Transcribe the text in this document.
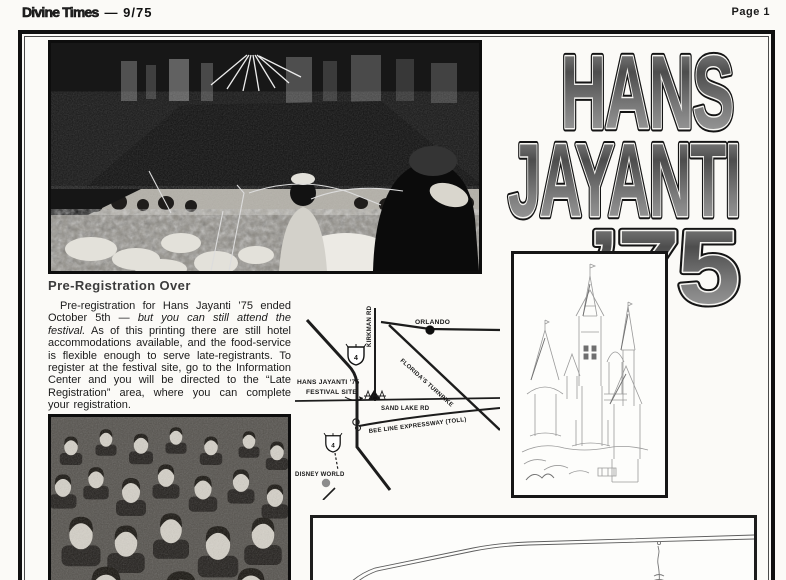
Divine Times — 9/75	Page 1
Pre-Registration Over

Pre-registration for Hans Jayanti ’75 ended October 5th — but you can still attend the festival. As of this printing there are still hotel accommodations available, and the food-service is flexible enough to serve late-registrants. To register at the festival site, go to the Information Center and you will be directed to the “Late Registration” area, where you can complete your registration.

4
4
ORLANDO
KIRKMAN RD
FLORIDA'S TURNPIKE
SAND LAKE RD
BEE LINE EXPRESSWAY (TOLL)
HANS JAYANTI ’75
FESTIVAL SITE
DISNEY WORLD
